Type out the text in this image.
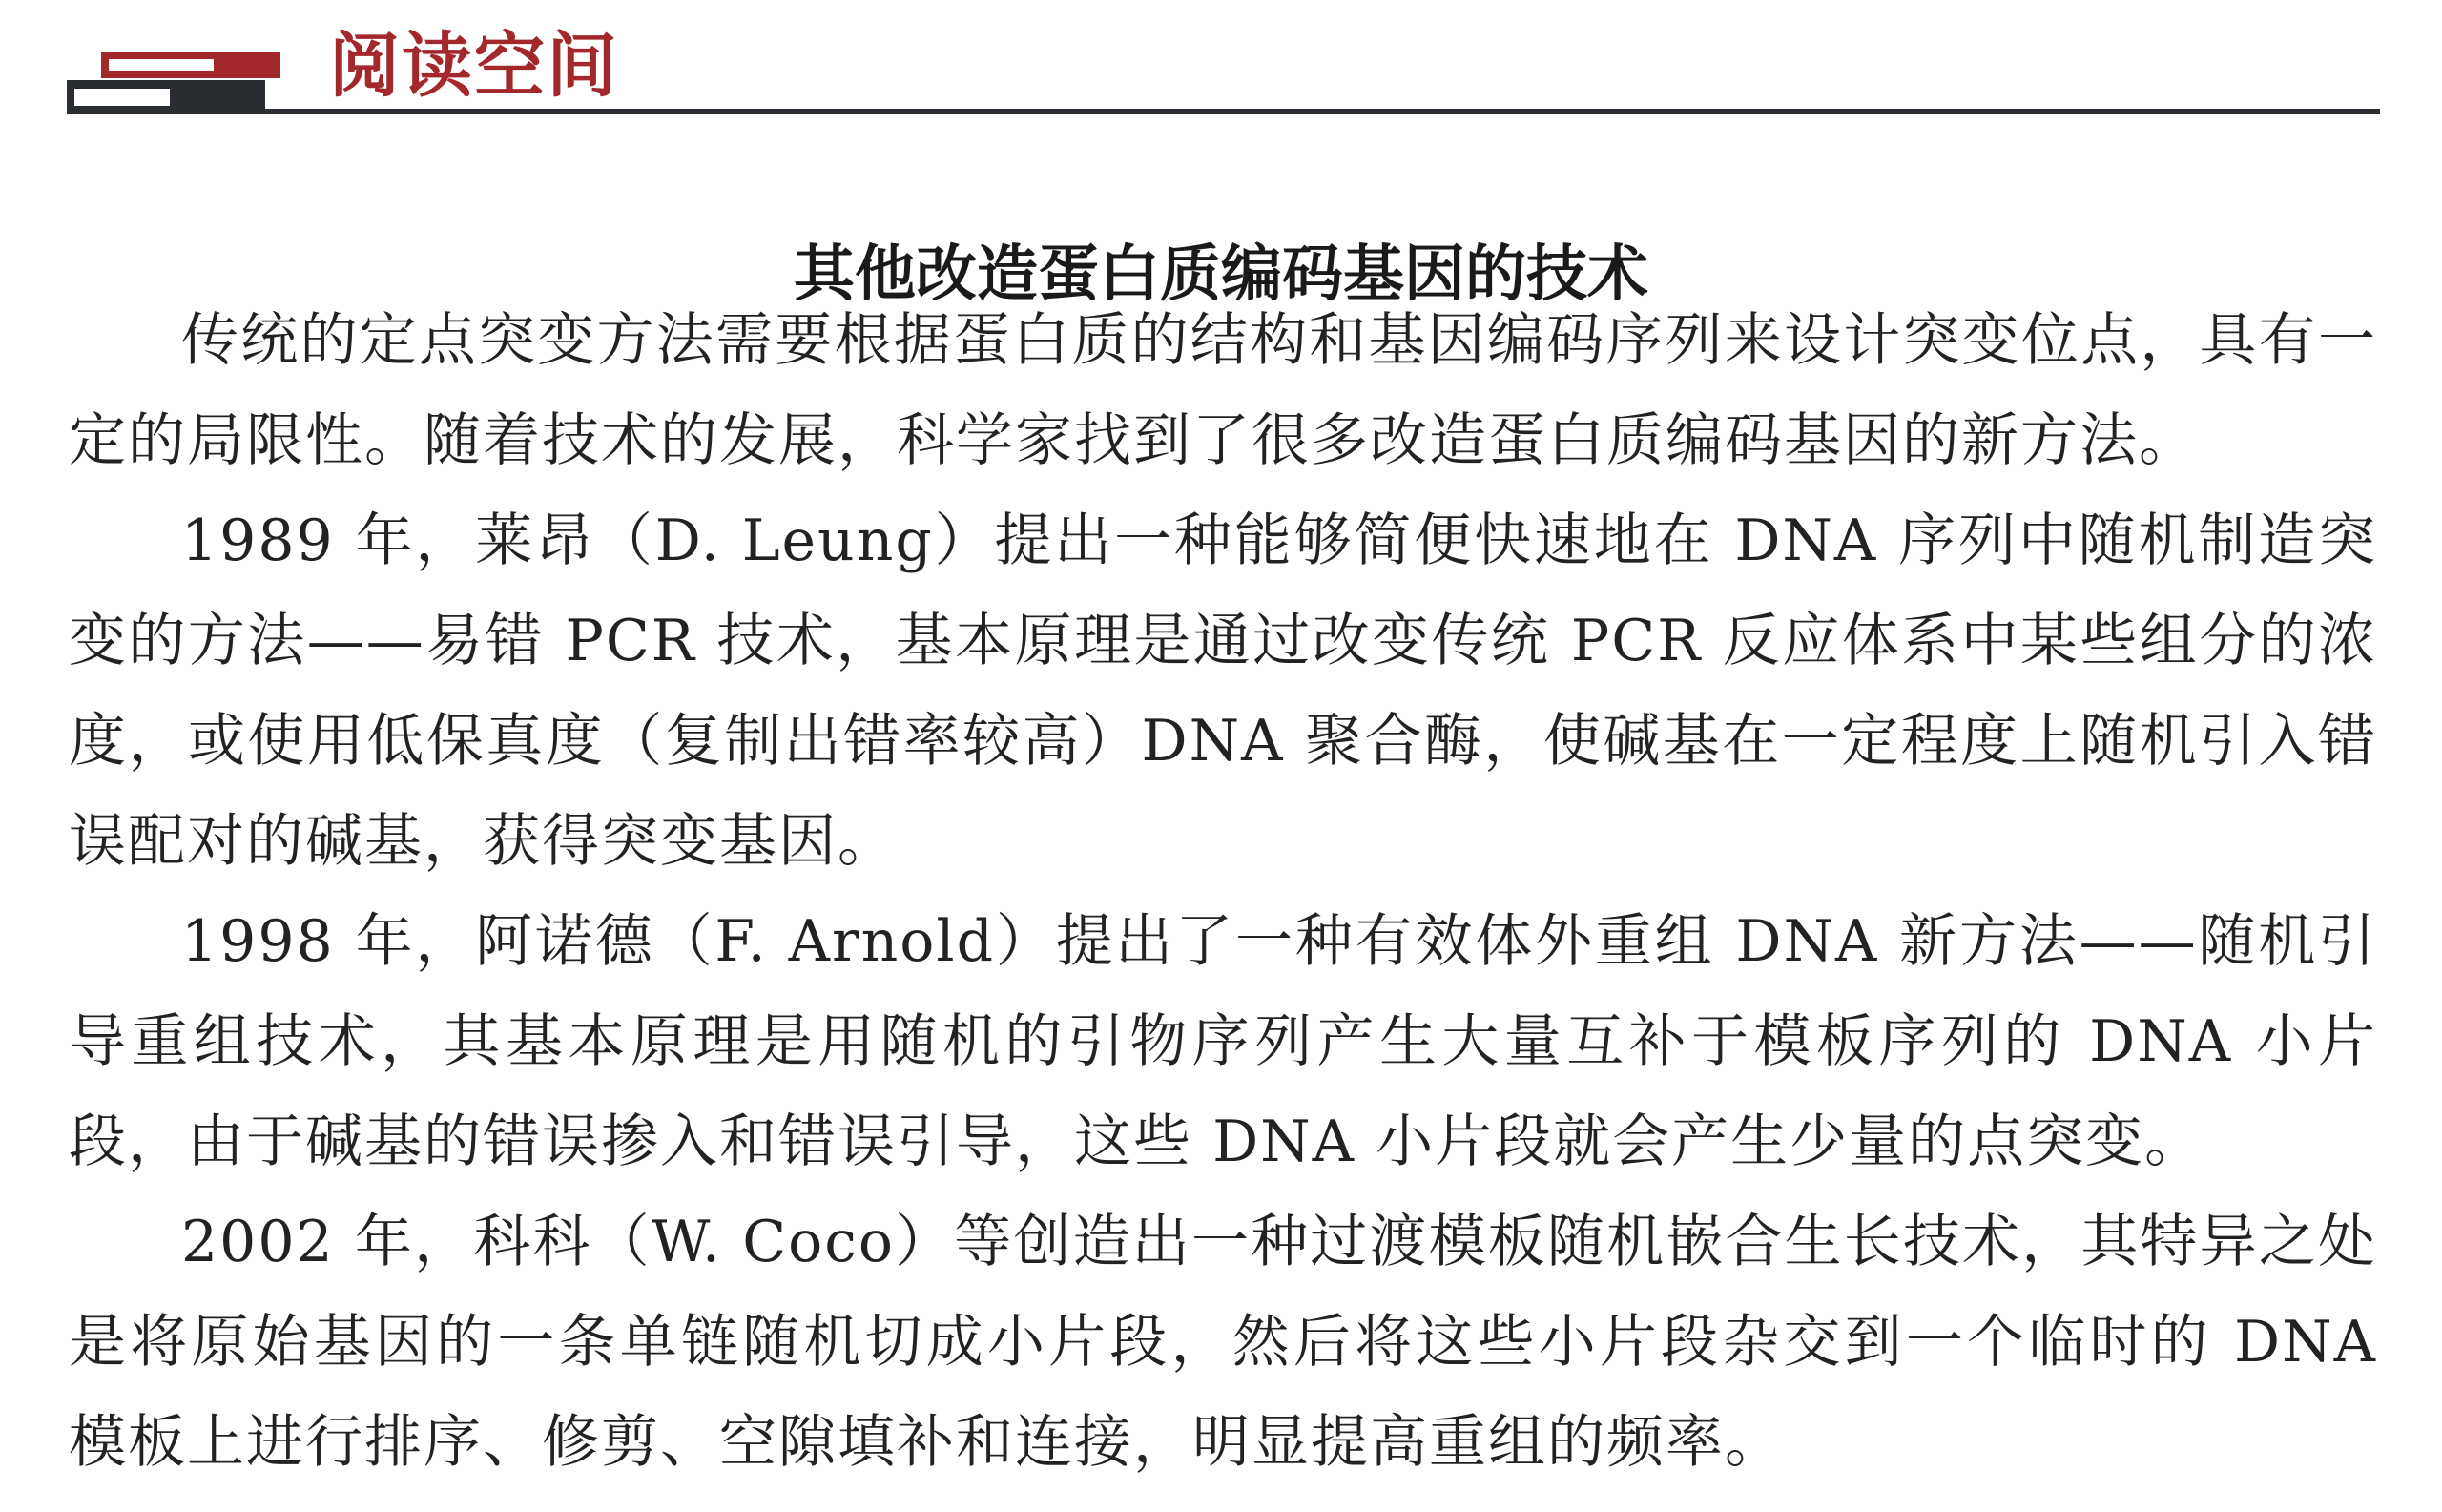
阅读空间
其他改造蛋白质编码基因的技术

传统的定点突变方法需要根据蛋白质的结构和基因编码序列来设计突变位点，具有一定的局限性。随着技术的发展，科学家找到了很多改造蛋白质编码基因的新方法。

1989 年，莱昂（D. Leung）提出一种能够简便快速地在 DNA 序列中随机制造突变的方法——易错 PCR 技术，基本原理是通过改变传统 PCR 反应体系中某些组分的浓度，或使用低保真度（复制出错率较高）DNA 聚合酶，使碱基在一定程度上随机引入错误配对的碱基，获得突变基因。

1998 年，阿诺德（F. Arnold）提出了一种有效体外重组 DNA 新方法——随机引导重组技术，其基本原理是用随机的引物序列产生大量互补于模板序列的 DNA 小片段，由于碱基的错误掺入和错误引导，这些 DNA 小片段就会产生少量的点突变。

2002 年，科科（W. Coco）等创造出一种过渡模板随机嵌合生长技术，其特异之处是将原始基因的一条单链随机切成小片段，然后将这些小片段杂交到一个临时的 DNA 模板上进行排序、修剪、空隙填补和连接，明显提高重组的频率。
